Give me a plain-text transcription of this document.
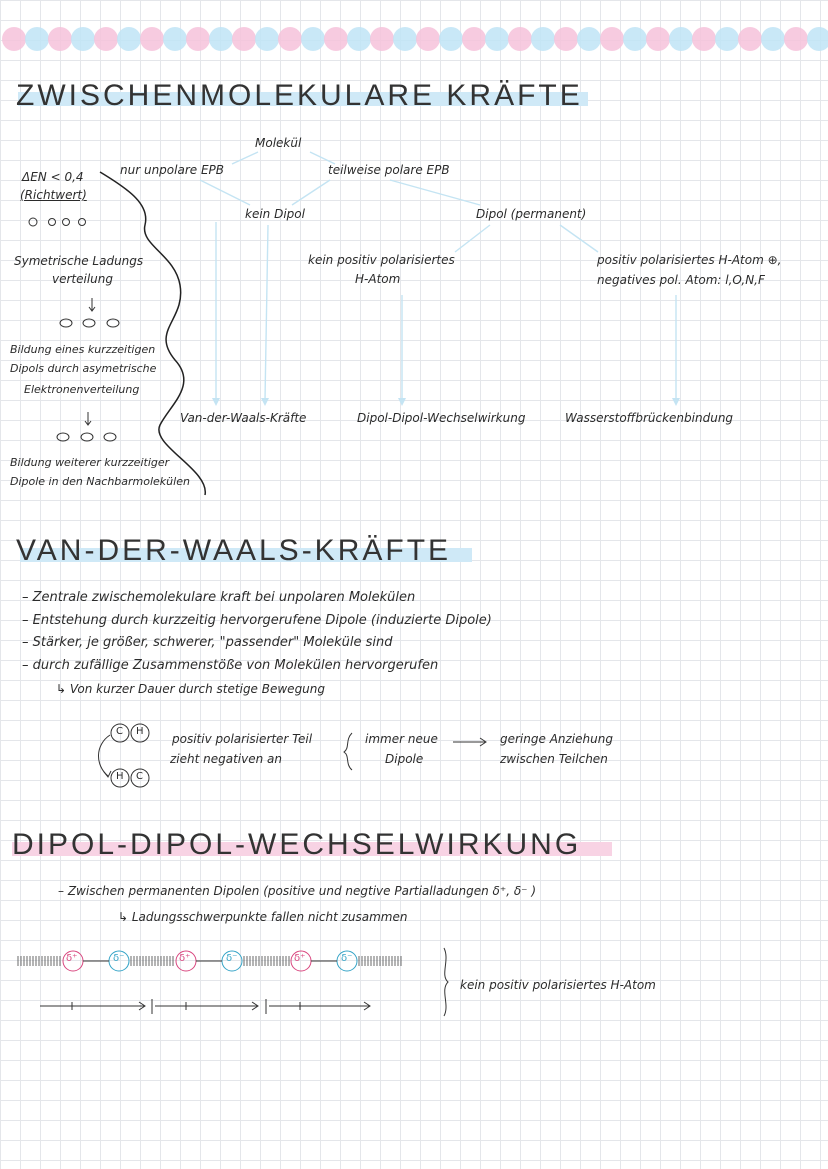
ZWISCHENMOLEKULARE KRÄFTE
Molekül
nur unpolare EPB	teilweise polare EPB
kein Dipol	Dipol (permanent)
kein positiv polarisiertes
H-Atom
positiv polarisiertes H-Atom ⊕,
negatives pol. Atom: l,O,N,F
Van-der-Waals-Kräfte	Dipol-Dipol-Wechselwirkung	Wasserstoffbrückenbindung
ΔEN < 0,4
(Richtwert)
Symetrische Ladungs
verteilung
Bildung eines kurzzeitigen
Dipols durch asymetrische
Elektronenverteilung
Bildung weiterer kurzzeitiger
Dipole in den Nachbarmolekülen
VAN-DER-WAALS-KRÄFTE
– Zentrale zwischemolekulare kraft bei unpolaren Molekülen
– Entstehung durch kurzzeitig hervorgerufene Dipole (induzierte Dipole)
– Stärker, je größer, schwerer, "passender" Moleküle sind
– durch zufällige Zusammenstöße von Molekülen hervorgerufen
↳ Von kurzer Dauer durch stetige Bewegung
C H
H C
positiv polarisierter Teil
zieht negativen an
immer neue
Dipole
geringe Anziehung
zwischen Teilchen
DIPOL-DIPOL-WECHSELWIRKUNG
– Zwischen permanenten Dipolen (positive und negtive Partialladungen δ⁺, δ⁻ )
↳ Ladungsschwerpunkte fallen nicht zusammen
δ⁺	δ⁻	δ⁺	δ⁻	δ⁺	δ⁻
kein positiv polarisiertes H-Atom
